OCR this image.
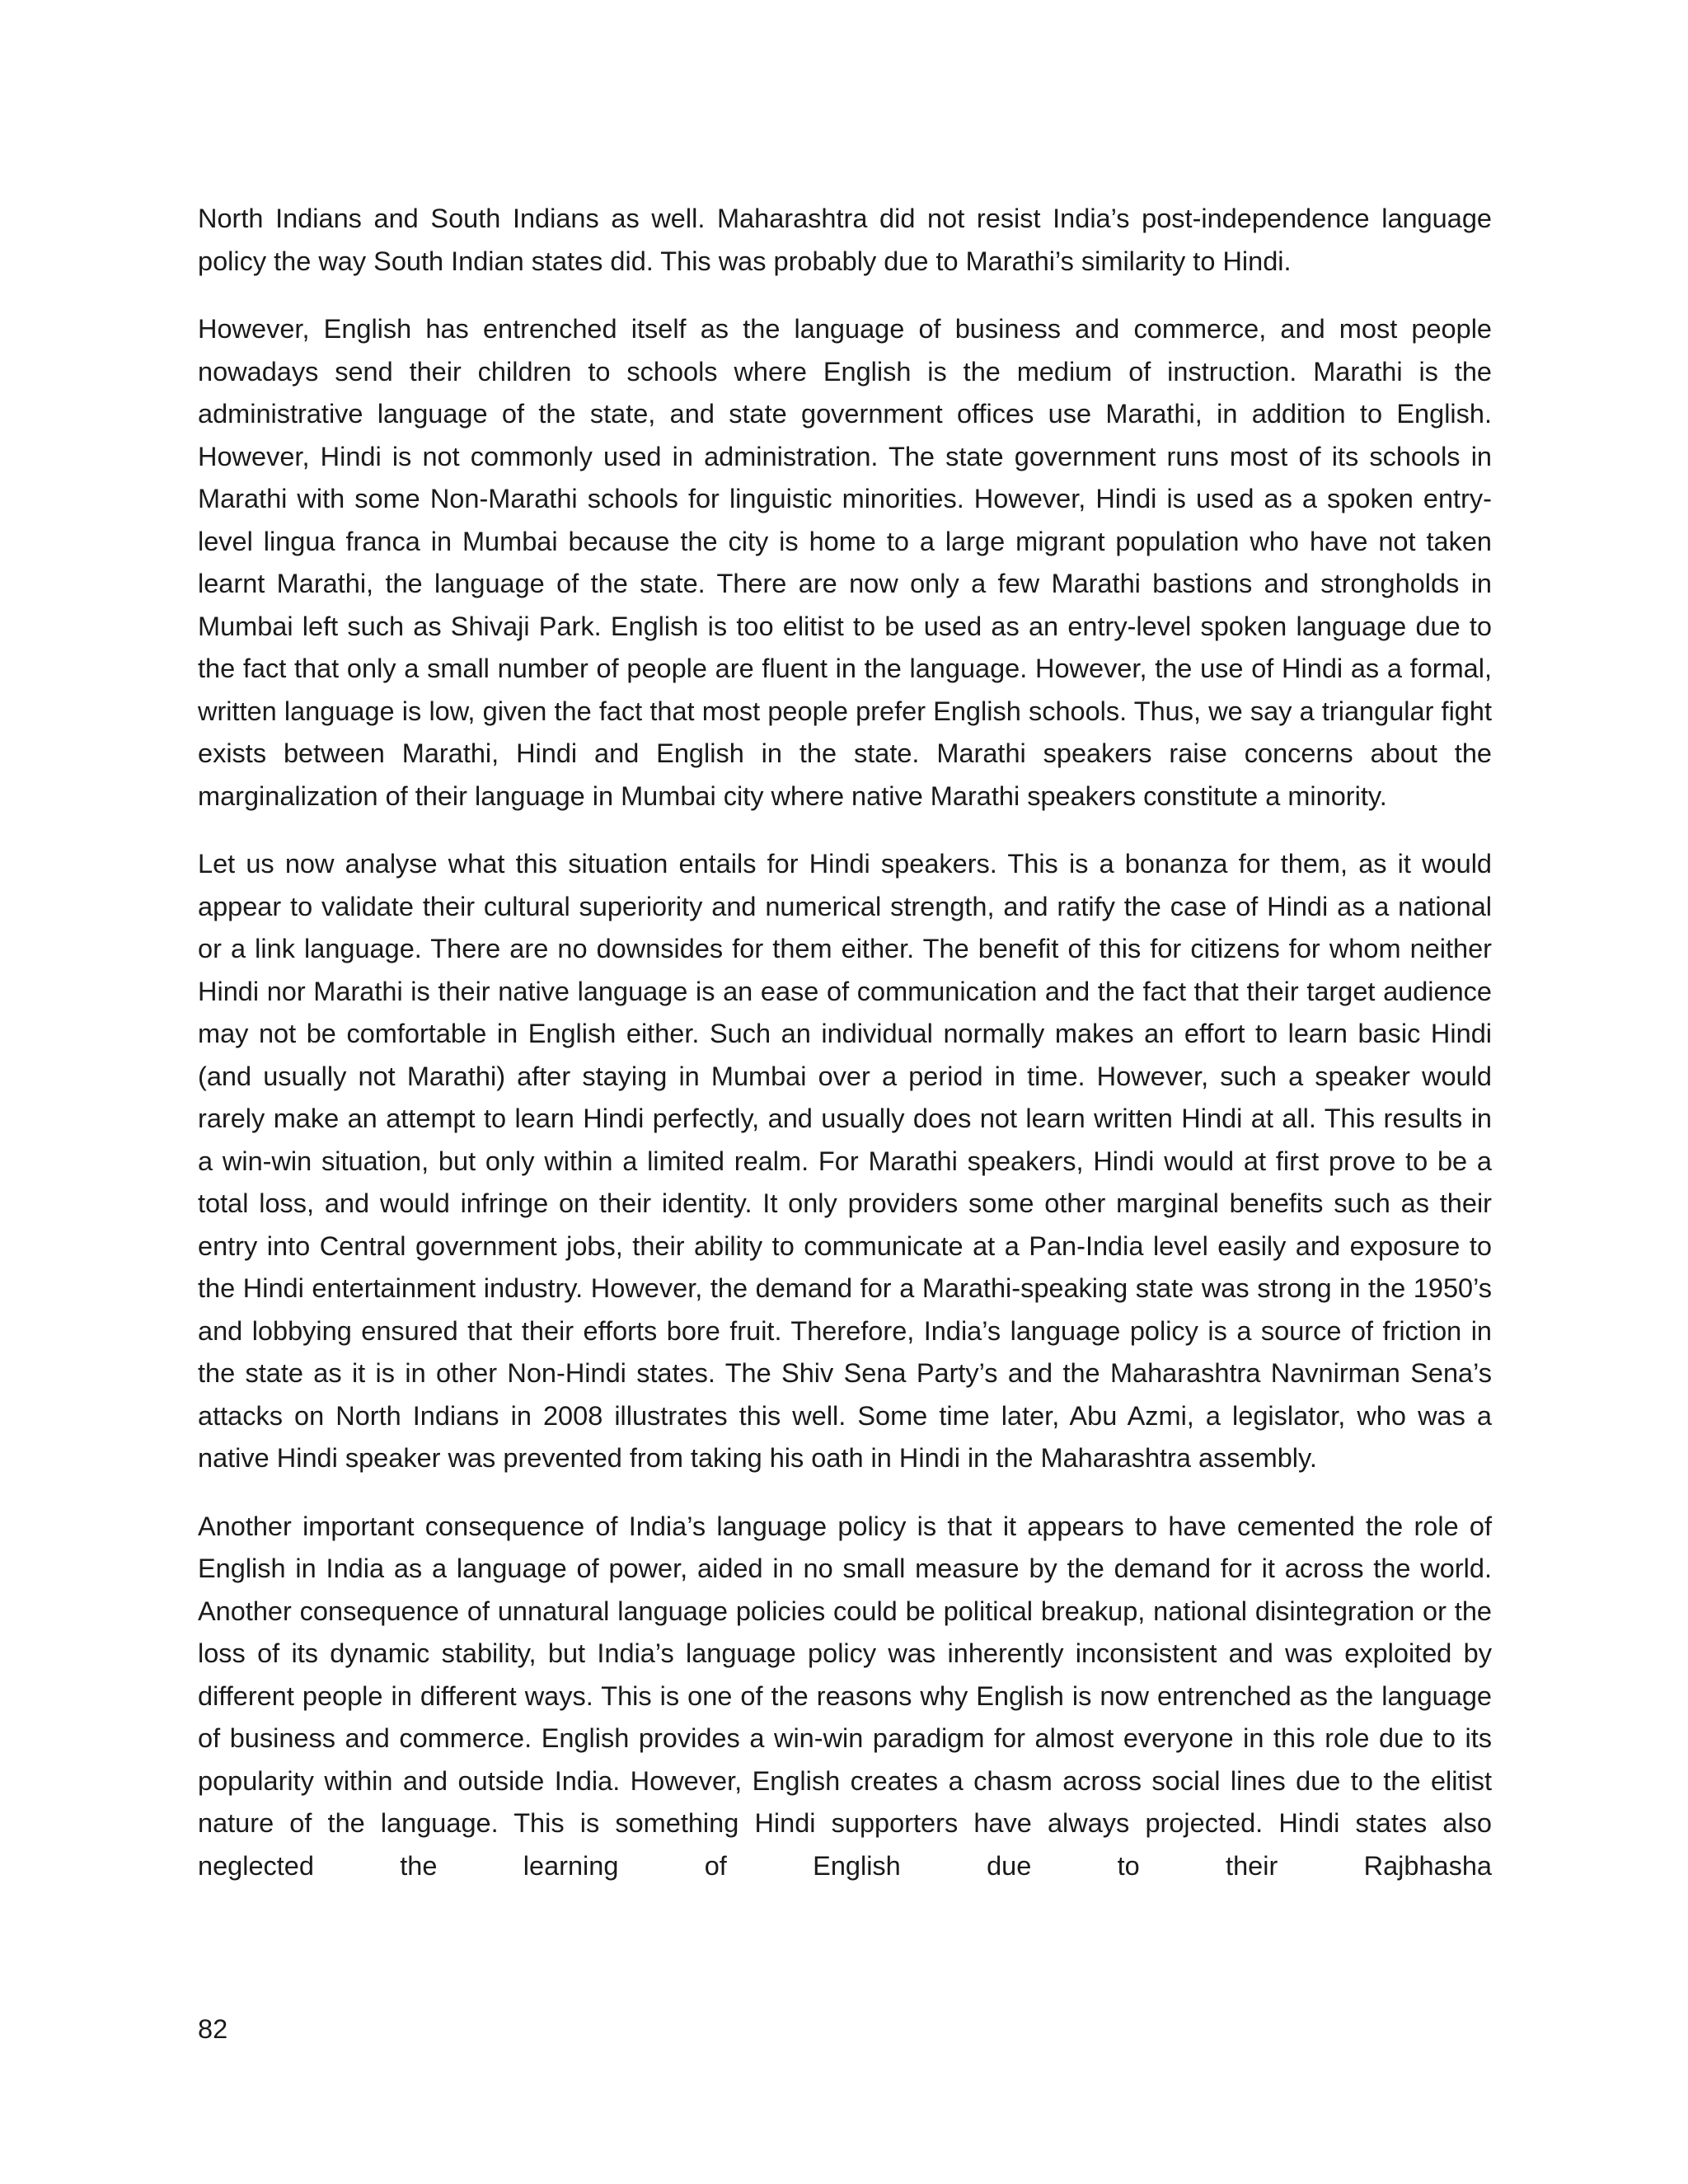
North Indians and South Indians as well. Maharashtra did not resist India’s post-independence language policy the way South Indian states did. This was probably due to Marathi’s similarity to Hindi.

However, English has entrenched itself as the language of business and commerce, and most people nowadays send their children to schools where English is the medium of instruction. Marathi is the administrative language of the state, and state government offices use Marathi, in addition to English. However, Hindi is not commonly used in administration. The state government runs most of its schools in Marathi with some Non-Marathi schools for linguistic minorities. However, Hindi is used as a spoken entry-level lingua franca in Mumbai because the city is home to a large migrant population who have not taken learnt Marathi, the language of the state. There are now only a few Marathi bastions and strongholds in Mumbai left such as Shivaji Park. English is too elitist to be used as an entry-level spoken language due to the fact that only a small number of people are fluent in the language. However, the use of Hindi as a formal, written language is low, given the fact that most people prefer English schools. Thus, we say a triangular fight exists between Marathi, Hindi and English in the state. Marathi speakers raise concerns about the marginalization of their language in Mumbai city where native Marathi speakers constitute a minority.

Let us now analyse what this situation entails for Hindi speakers. This is a bonanza for them, as it would appear to validate their cultural superiority and numerical strength, and ratify the case of Hindi as a national or a link language. There are no downsides for them either. The benefit of this for citizens for whom neither Hindi nor Marathi is their native language is an ease of communication and the fact that their target audience may not be comfortable in English either. Such an individual normally makes an effort to learn basic Hindi (and usually not Marathi) after staying in Mumbai over a period in time. However, such a speaker would rarely make an attempt to learn Hindi perfectly, and usually does not learn written Hindi at all. This results in a win-win situation, but only within a limited realm. For Marathi speakers, Hindi would at first prove to be a total loss, and would infringe on their identity. It only providers some other marginal benefits such as their entry into Central government jobs, their ability to communicate at a Pan-India level easily and exposure to the Hindi entertainment industry. However, the demand for a Marathi-speaking state was strong in the 1950’s and lobbying ensured that their efforts bore fruit. Therefore, India’s language policy is a source of friction in the state as it is in other Non-Hindi states. The Shiv Sena Party’s and the Maharashtra Navnirman Sena’s attacks on North Indians in 2008 illustrates this well. Some time later, Abu Azmi, a legislator, who was a native Hindi speaker was prevented from taking his oath in Hindi in the Maharashtra assembly.

Another important consequence of India’s language policy is that it appears to have cemented the role of English in India as a language of power, aided in no small measure by the demand for it across the world. Another consequence of unnatural language policies could be political breakup, national disintegration or the loss of its dynamic stability, but India’s language policy was inherently inconsistent and was exploited by different people in different ways. This is one of the reasons why English is now entrenched as the language of business and commerce. English provides a win-win paradigm for almost everyone in this role due to its popularity within and outside India. However, English creates a chasm across social lines due to the elitist nature of the language. This is something Hindi supporters have always projected. Hindi states also neglected the learning of English due to their Rajbhasha

82
